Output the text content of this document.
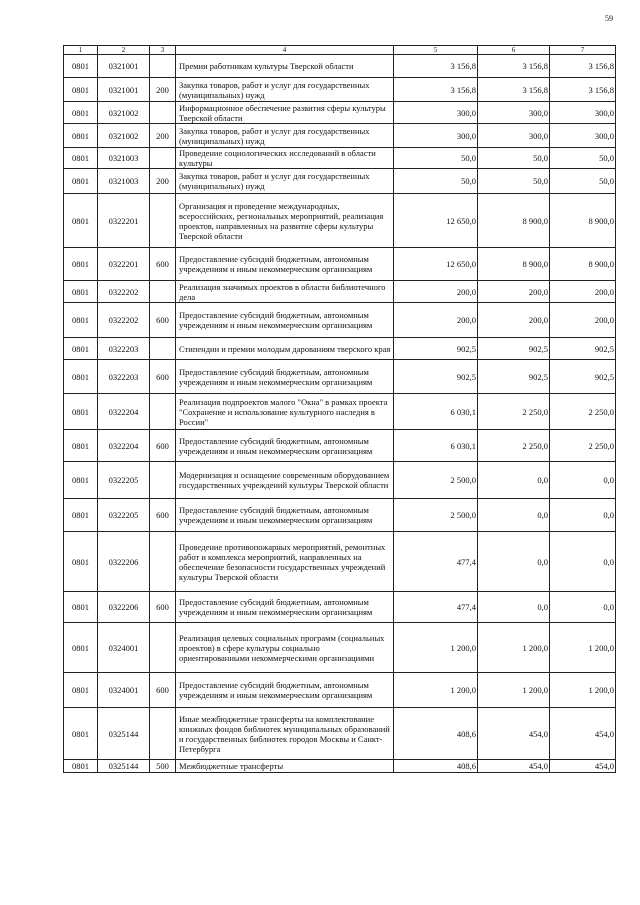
59
1	2	3	4	5	6	7
0801	0321001		Премии работникам культуры Тверской области	3 156,8	3 156,8	3 156,8
0801	0321001	200	Закупка товаров, работ и услуг для государственных (муниципальных) нужд	3 156,8	3 156,8	3 156,8
0801	0321002		Информационное обеспечение развития сферы культуры Тверской области	300,0	300,0	300,0
0801	0321002	200	Закупка товаров, работ и услуг для государственных (муниципальных) нужд	300,0	300,0	300,0
0801	0321003		Проведение социологических исследований в области культуры	50,0	50,0	50,0
0801	0321003	200	Закупка товаров, работ и услуг для государственных (муниципальных) нужд	50,0	50,0	50,0
0801	0322201		Организация и проведение международных, всероссийских, региональных мероприятий, реализация проектов, направленных на развитие сферы культуры Тверской области	12 650,0	8 900,0	8 900,0
0801	0322201	600	Предоставление субсидий бюджетным, автономным учреждениям и иным некоммерческим организациям	12 650,0	8 900,0	8 900,0
0801	0322202		Реализация значимых проектов в области библиотечного дела	200,0	200,0	200,0
0801	0322202	600	Предоставление субсидий бюджетным, автономным учреждениям и иным некоммерческим организациям	200,0	200,0	200,0
0801	0322203		Стипендии и премии молодым дарованиям тверского края	902,5	902,5	902,5
0801	0322203	600	Предоставление субсидий бюджетным, автономным учреждениям и иным некоммерческим организациям	902,5	902,5	902,5
0801	0322204		Реализация подпроектов малого "Окна" в рамках проекта "Сохранение и использование культурного наследия в России"	6 030,1	2 250,0	2 250,0
0801	0322204	600	Предоставление субсидий бюджетным, автономным учреждениям и иным некоммерческим организациям	6 030,1	2 250,0	2 250,0
0801	0322205		Модернизация и оснащение современным оборудованием государственных учреждений культуры Тверской области	2 500,0	0,0	0,0
0801	0322205	600	Предоставление субсидий бюджетным, автономным учреждениям и иным некоммерческим организациям	2 500,0	0,0	0,0
0801	0322206		Проведение противопожарных мероприятий, ремонтных работ и комплекса мероприятий, направленных на обеспечение безопасности государственных учреждений культуры Тверской области	477,4	0,0	0,0
0801	0322206	600	Предоставление субсидий бюджетным, автономным учреждениям и иным некоммерческим организациям	477,4	0,0	0,0
0801	0324001		Реализация целевых социальных программ (социальных проектов) в сфере культуры социально ориентированными некоммерческими организациями	1 200,0	1 200,0	1 200,0
0801	0324001	600	Предоставление субсидий бюджетным, автономным учреждениям и иным некоммерческим организациям	1 200,0	1 200,0	1 200,0
0801	0325144		Иные межбюджетные трансферты на комплектование книжных фондов библиотек муниципальных образований и государственных библиотек городов Москвы и Санкт-Петербурга	408,6	454,0	454,0
0801	0325144	500	Межбюджетные трансферты	408,6	454,0	454,0
